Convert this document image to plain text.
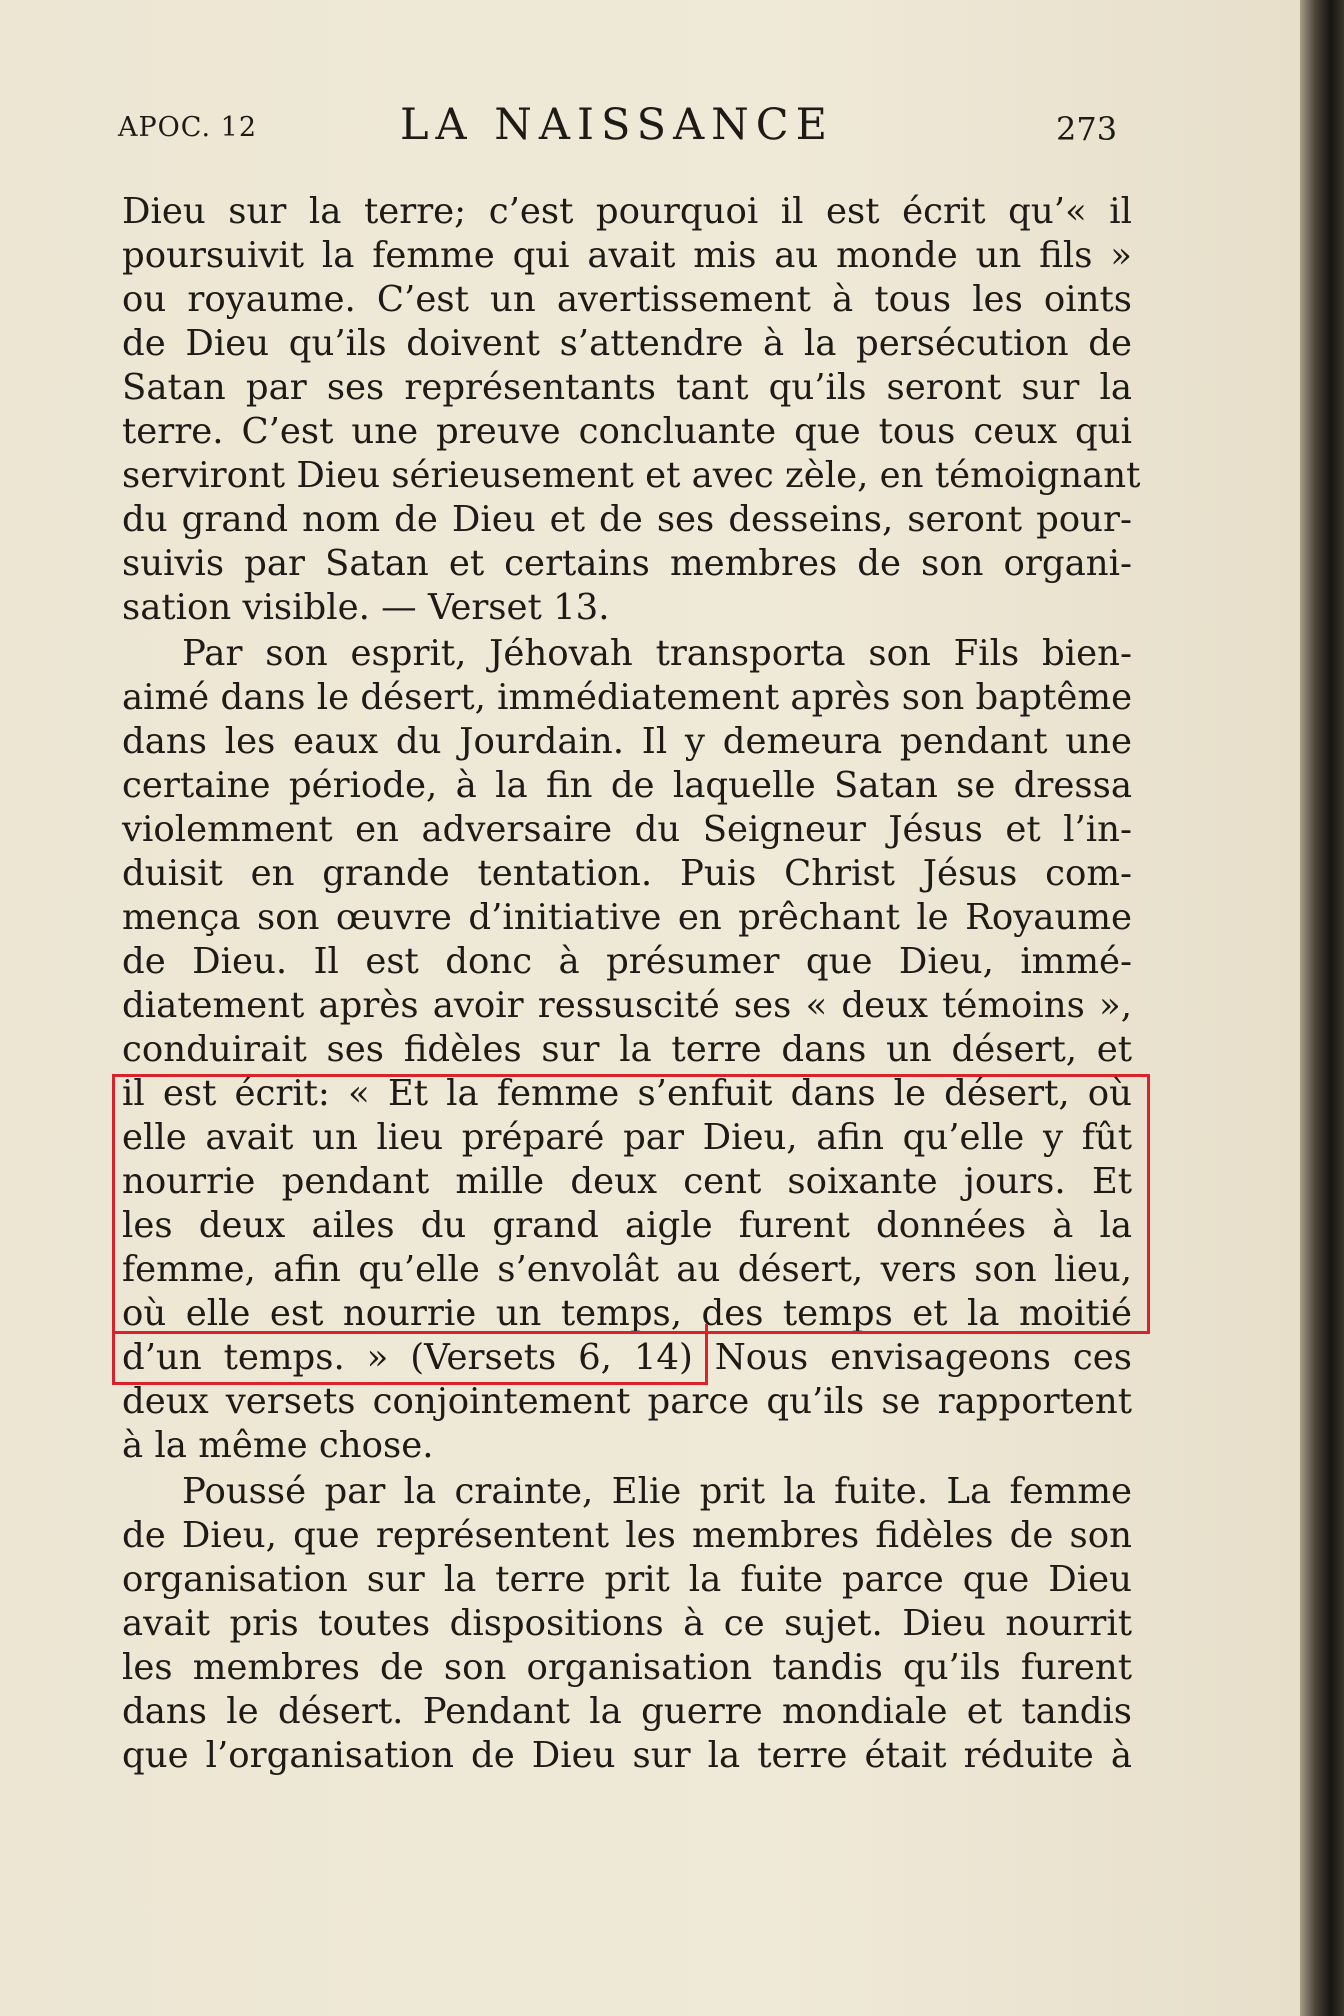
APOC. 12	LA NAISSANCE	273
Dieu sur la terre; c’est pourquoi il est écrit qu’« il
poursuivit la femme qui avait mis au monde un fils »
ou royaume. C’est un avertissement à tous les oints
de Dieu qu’ils doivent s’attendre à la persécution de
Satan par ses représentants tant qu’ils seront sur la
terre. C’est une preuve concluante que tous ceux qui
serviront Dieu sérieusement et avec zèle, en témoignant
du grand nom de Dieu et de ses desseins, seront pour-
suivis par Satan et certains membres de son organi-
sation visible. — Verset 13.
Par son esprit, Jéhovah transporta son Fils bien-
aimé dans le désert, immédiatement après son baptême
dans les eaux du Jourdain. Il y demeura pendant une
certaine période, à la fin de laquelle Satan se dressa
violemment en adversaire du Seigneur Jésus et l’in-
duisit en grande tentation. Puis Christ Jésus com-
mença son œuvre d’initiative en prêchant le Royaume
de Dieu. Il est donc à présumer que Dieu, immé-
diatement après avoir ressuscité ses « deux témoins »,
conduirait ses fidèles sur la terre dans un désert, et
il est écrit: « Et la femme s’enfuit dans le désert, où
elle avait un lieu préparé par Dieu, afin qu’elle y fût
nourrie pendant mille deux cent soixante jours. Et
les deux ailes du grand aigle furent données à la
femme, afin qu’elle s’envolât au désert, vers son lieu,
où elle est nourrie un temps, des temps et la moitié
d’un temps. » (Versets 6, 14) Nous envisageons ces
deux versets conjointement parce qu’ils se rapportent
à la même chose.
Poussé par la crainte, Elie prit la fuite. La femme
de Dieu, que représentent les membres fidèles de son
organisation sur la terre prit la fuite parce que Dieu
avait pris toutes dispositions à ce sujet. Dieu nourrit
les membres de son organisation tandis qu’ils furent
dans le désert. Pendant la guerre mondiale et tandis
que l’organisation de Dieu sur la terre était réduite à
